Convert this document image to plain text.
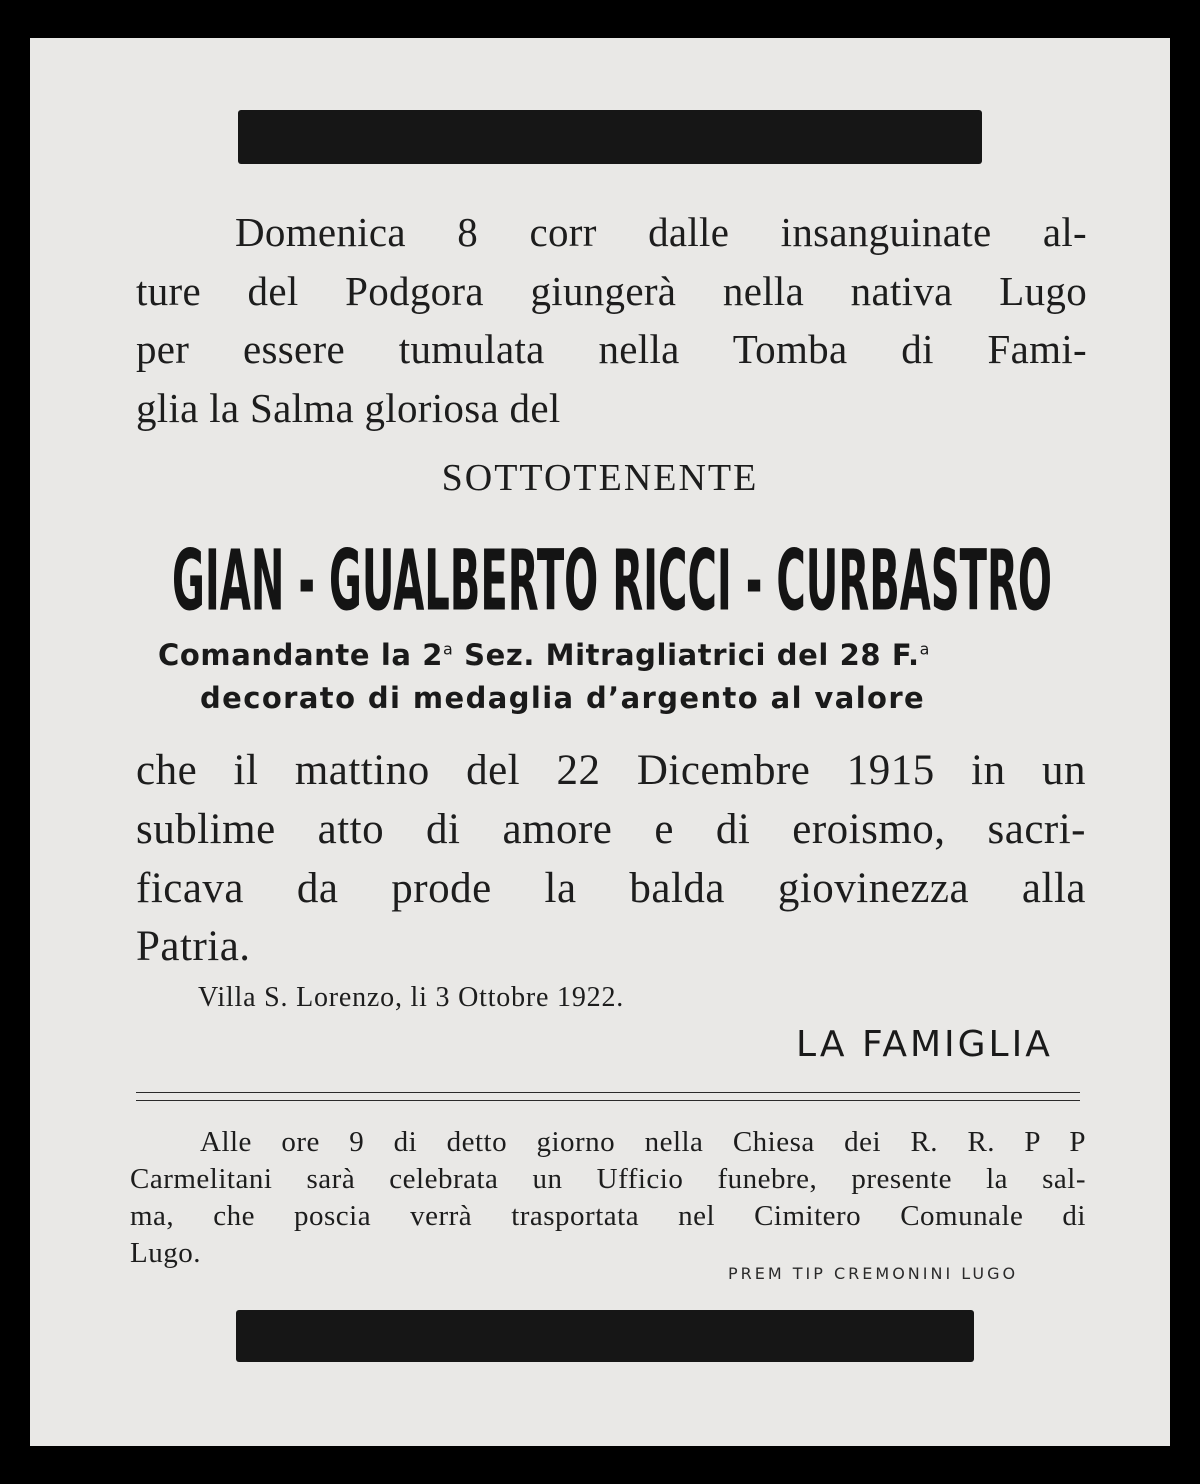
Domenica 8 corr dalle insanguinate al-

ture del Podgora giungerà nella nativa Lugo

per essere tumulata nella Tomba di Fami-

glia la Salma gloriosa del

SOTTOTENENTE
GIAN - GUALBERTO RICCI - CURBASTRO

Comandante la 2$^a$ Sez. Mitragliatrici del 28 F.$^a$

decorato di medaglia d’argento al valore

che il mattino del 22 Dicembre 1915 in un

sublime atto di amore e di eroismo, sacri-

ficava da prode la balda giovinezza alla

Patria.

Villa S. Lorenzo, li 3 Ottobre 1922.

LA FAMIGLIA

Alle ore 9 di detto giorno nella Chiesa dei R. R. P P

Carmelitani sarà celebrata un Ufficio funebre, presente la sal-

ma, che poscia verrà trasportata nel Cimitero Comunale di

Lugo.

PREM TIP CREMONINI LUGO
